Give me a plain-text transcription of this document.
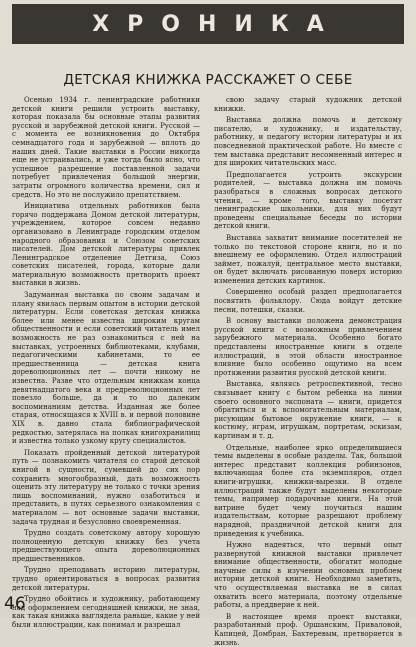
ХРОНИКА
ДЕТСКАЯ КНИЖКА РАССКАЖЕТ О СЕБЕ

Осенью 1934 г. ленинградские работники детской книги решили устроить выставку, которая показала бы основные этапы развития русской и зарубежной детской книги. Русской — с момента ее возникновения до Октября семнадцатого года и зарубежной — вплоть до наших дней. Такие выставки в России никогда еще не устраивались, и уже тогда было ясно, что успешное разрешение поставленной задачи потребует привлечения большой энергии, затраты огромного количества времени, сил и средств. Но это не послужило препятствием.

Инициатива отдельных работников была горячо поддержана Домом детской литературы, учреждением, которое совсем недавно организовано в Ленинграде городским отделом народного образования и Союзом советских писателей. Дом детской литературы привлек Ленинградское отделение Детгиза, Союз советских писателей, города, которые дали материальную возможность претворить проект выставки в жизнь.

Задуманная выставка по своим задачам и плану явилась первым опытом в истории детской литературы. Если советская детская книжка более или менее известна широким кругам общественности и если советский читатель имел возможность не раз ознакомиться с ней на выставках, устроенных библиотеками, клубами, педагогическими кабинетами, то ее предшественница — детская книга дореволюционных лет — почти никому не известна. Разве что отдельным книжкам конца девятнадцатого века и предреволюционных лет повезло больше, да и то по далеким воспоминаниям детства. Изданная же более старая, относящаяся к XVIII в. и первой половине XIX в. давно стала библиографической редкостью, затерялась на полках книгохранилищ и известна только узкому кругу специалистов.

Показать пройденный детской литературой путь — познакомить читателя со старой детской книгой в сущности, сумевшей до сих пор сохранить многообразный, дать возможность оценить эту литературу не только с точки зрения лишь воспоминаний, нужно озаботиться и представить, в путях серьезного ознакомления с материалом — вот основные задачи выставки, задача трудная и безусловно своевременная.

Трудно создать советскому автору хорошую полноценную детскую книжку без учета предшествующего опыта дореволюционных предшественников.

Трудно преподавать историю литературы, трудно ориентироваться в вопросах развития детской литературы.

Трудно обойтись и художнику, работающему над оформлением сегодняшней книжки, не зная, как такая книжка выглядела раньше, какие у ней были иллюстрации, как понимал и разрешал

свою задачу старый художник детской книжки.

Выставка должна помочь и детскому писателю, и художнику, и издательству, работнику, и педагогу истории литературы и их повседневной практической работе. Но вместе с тем выставка представит несомненный интерес и для широких читательских масс.

Предполагается устроить экскурсии родителей, — выставка должна им помочь разобраться в сложных вопросах детского чтения, — кроме того, выставку посетят ленинградские школьники, для них будут проведены специальные беседы по истории детской книги.

Выставка захватит внимание посетителей не только по текстовой стороне книги, но и по внешнему ее оформлению. Отдел иллюстраций займет, пожалуй, центральное место выставки, он будет включать рисованную поверх историю изменения детских картинок.

Совершенно особый раздел предполагается посвятить фольклору. Сюда войдут детские песни, потешки, сказки.

В основу выставки положена демонстрация русской книги с возможным привлечением зарубежного материала. Особенно богато представлены иностранные книги в отделе иллюстраций, в этой области иностранное влияние было особенно ощутимо на всем протяжении развития русской детской книги.

Выставка, являясь ретроспективной, тесно связывает книгу с бытом ребенка на линии своего основного экспоната — книги, придется обратиться и к вспомогательным материалам, рисующим бытовое окружение книги, — к костюму, играм, игрушкам, портретам, эскизам, картинам и т. д.

Отдельные, наиболее ярко определившиеся темы выделены в особые разделы. Так, большой интерес представит коллекция робинзонов, включающая более ста экземпляров, отдел книги-игрушки, книжки-вырезки. В отделе иллюстраций также будут выделены некоторые темы, например подарочные книги. На этой витрине будет чему поучиться нашим издательствам, которые разрешают проблему нарядной, праздничной детской книги для приведения к учебника.

Нужно надеяться, что первый опыт развернутой книжной выставки привлечет внимание общественности, обогатит молодые научные силы в изучении основных проблем истории детской книги. Необходимо заметить, что осуществляемая выставка не в силах охватить всего материала, поэтому отдельные работы, а преддверие к ней.

В настоящее время проект выставки, разработанный проф. Оршанским, Приваловой, Капицей, Домбран, Бахтеревым, претворяется в жизнь.

46
